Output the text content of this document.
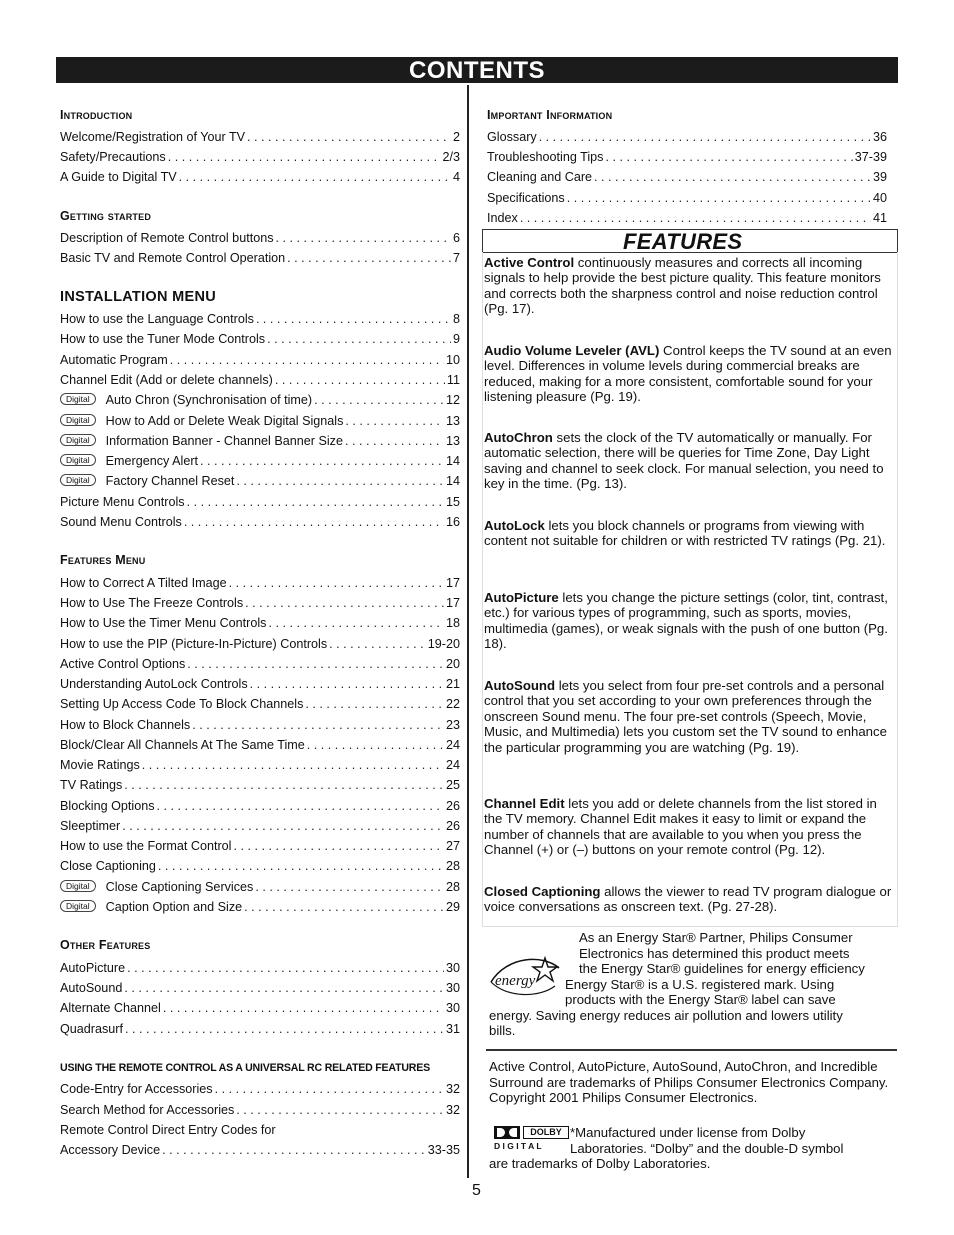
CONTENTS
Introduction
Welcome/Registration of Your TV . . .	2
Safety/Precautions . . .	2/3
A Guide to Digital TV . . .	4
Getting started
Description of Remote Control buttons . . .	6
Basic TV and Remote Control Operation . . .	7
INSTALLATION MENU
How to use the Language Controls . . .	8
How to use the Tuner Mode Controls . . .	9
Automatic Program . . .	10
Channel Edit (Add or delete channels) . . .	11
Digital	Auto Chron (Synchronisation of time) . . .	12
Digital	How to Add or Delete Weak Digital Signals . . .	13
Digital	Information Banner - Channel Banner Size . . .	13
Digital	Emergency Alert . . .	14
Digital	Factory Channel Reset . . .	14
Picture Menu Controls . . .	15
Sound Menu Controls . . .	16
Features Menu
How to Correct A Tilted Image . . .	17
How to Use The Freeze Controls . . .	17
How to Use the Timer Menu Controls . . .	18
How to use the PIP (Picture-In-Picture) Controls . . .	19-20
Active Control Options . . .	20
Understanding AutoLock Controls . . .	21
Setting Up Access Code To Block Channels . . .	22
How to Block Channels . . .	23
Block/Clear All Channels At The Same Time . . .	24
Movie Ratings . . .	24
TV Ratings . . .	25
Blocking Options . . .	26
Sleeptimer . . .	26
How to use the Format Control . . .	27
Close Captioning . . .	28
Digital	Close Captioning Services . . .	28
Digital	Caption Option and Size . . .	29
Other Features
AutoPicture . . .	30
AutoSound . . .	30
Alternate Channel . . .	30
Quadrasurf . . .	31
USING THE REMOTE CONTROL AS A UNIVERSAL RC RELATED FEATURES
Code-Entry for Accessories . . .	32
Search Method for Accessories . . .	32
Remote Control Direct Entry Codes for
Accessory Device . . .	33-35
Important Information
Glossary . . .	36
Troubleshooting Tips . . .	37-39
Cleaning and Care . . .	39
Specifications . . .	40
Index . . .	41
FEATURES
Active Control continuously measures and corrects all incoming signals to help provide the best picture quality. This feature monitors and corrects both the sharpness control and noise reduction control (Pg. 17).
Audio Volume Leveler (AVL) Control keeps the TV sound at an even level. Differences in volume levels during commercial breaks are reduced, making for a more consistent, comfortable sound for your listening pleasure (Pg. 19).
AutoChron sets the clock of the TV automatically or manually. For automatic selection, there will be queries for Time Zone, Day Light saving and channel to seek clock. For manual selection, you need to key in the time. (Pg. 13).
AutoLock lets you block channels or programs from viewing with content not suitable for children or with restricted TV ratings (Pg. 21).
AutoPicture lets you change the picture settings (color, tint, contrast, etc.) for various types of programming, such as sports, movies, multimedia (games), or weak signals with the push of one button (Pg. 18).
AutoSound lets you select from four pre-set controls and a personal control that you set according to your own preferences through the onscreen Sound menu. The four pre-set controls (Speech, Movie, Music, and Multimedia) lets you custom set the TV sound to enhance the particular programming you are watching (Pg. 19).
Channel Edit lets you add or delete channels from the list stored in the TV memory. Channel Edit makes it easy to limit or expand the number of channels that are available to you when you press the Channel (+) or (–) buttons on your remote control (Pg. 12).
Closed Captioning allows the viewer to read TV program dialogue or voice conversations as onscreen text. (Pg. 27-28).
energy
As an Energy Star® Partner, Philips Consumer
Electronics has determined this product meets
the Energy Star® guidelines for energy efficiency
Energy Star® is a U.S. registered mark. Using
products with the Energy Star® label can save
energy. Saving energy reduces air pollution and lowers utility
bills.
Active Control, AutoPicture, AutoSound, AutoChron, and Incredible Surround are trademarks of Philips Consumer Electronics Company. Copyright 2001 Philips Consumer Electronics.
DOLBY
D I G I T A L
*Manufactured under license from Dolby
Laboratories. “Dolby” and the double-D symbol
are trademarks of Dolby Laboratories.
5
